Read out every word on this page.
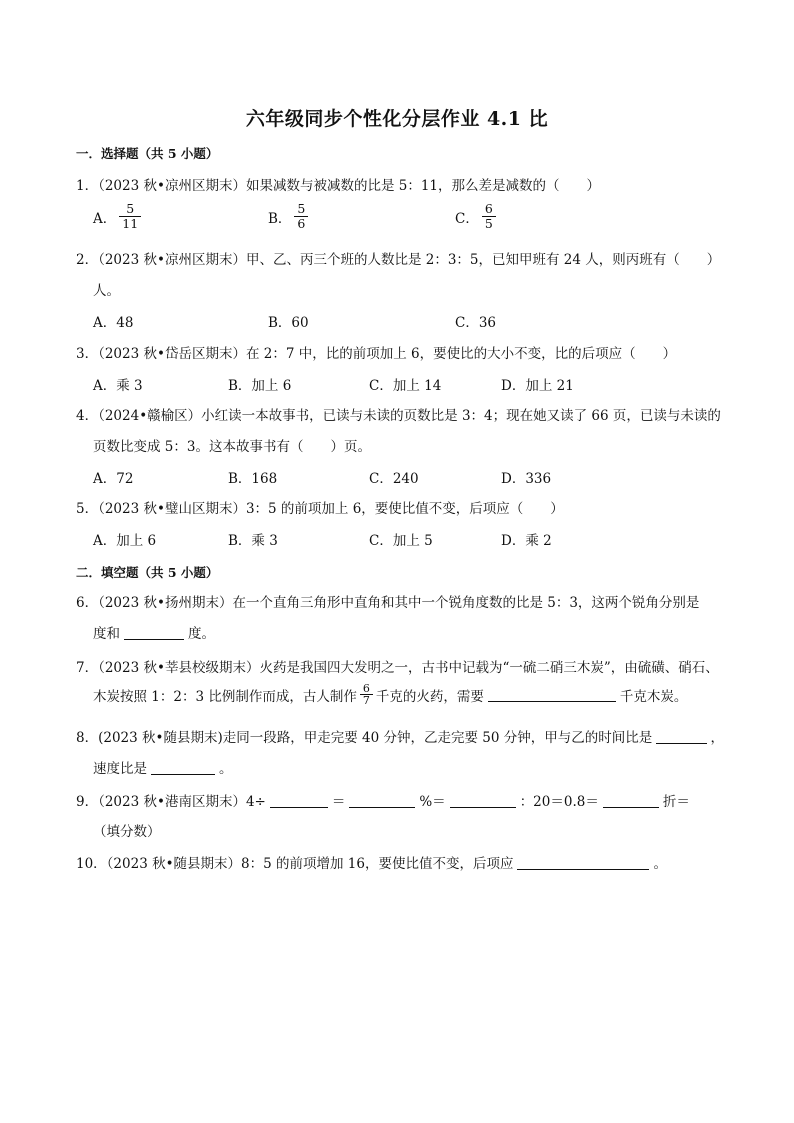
六年级同步个性化分层作业 4.1 比
一．选择题（共 5 小题）
1．（2023 秋•凉州区期末）如果减数与被减数的比是 5：11，那么差是减数的（　　）
A． $\frac{5}{11}$	B． $\frac{5}{6}$	C． $\frac{6}{5}$
2．（2023 秋•凉州区期末）甲、乙、丙三个班的人数比是 2：3：5，已知甲班有 24 人，则丙班有（　　）
人。
A．48	B．60	C．36
3．（2023 秋•岱岳区期末）在 2：7 中，比的前项加上 6，要使比的大小不变，比的后项应（　　）
A．乘 3	B．加上 6	C．加上 14	D．加上 21
4．（2024•赣榆区）小红读一本故事书，已读与未读的页数比是 3：4；现在她又读了 66 页，已读与未读的
页数比变成 5：3。这本故事书有（　　）页。
A．72	B．168	C．240	D．336
5．（2023 秋•璧山区期末）3：5 的前项加上 6，要使比值不变，后项应（　　）
A．加上 6	B．乘 3	C．加上 5	D．乘 2
二．填空题（共 5 小题）
6．（2023 秋•扬州期末）在一个直角三角形中直角和其中一个锐角度数的比是 5：3，这两个锐角分别是
度和	度。
7．（2023 秋•莘县校级期末）火药是我国四大发明之一，古书中记载为“一硫二硝三木炭”，由硫磺、硝石、
木炭按照 1：2：3 比例制作而成，古人制作 $\frac{6}{7}$ 千克的火药，需要	千克木炭。
8．(2023 秋•随县期末)走同一段路，甲走完要 40 分钟，乙走完要 50 分钟，甲与乙的时间比是	，
速度比是	。
9．（2023 秋•港南区期末）4÷	＝	%＝	：20＝0.8＝	折＝
（填分数）
10．（2023 秋•随县期末）8：5 的前项增加 16，要使比值不变，后项应	。
